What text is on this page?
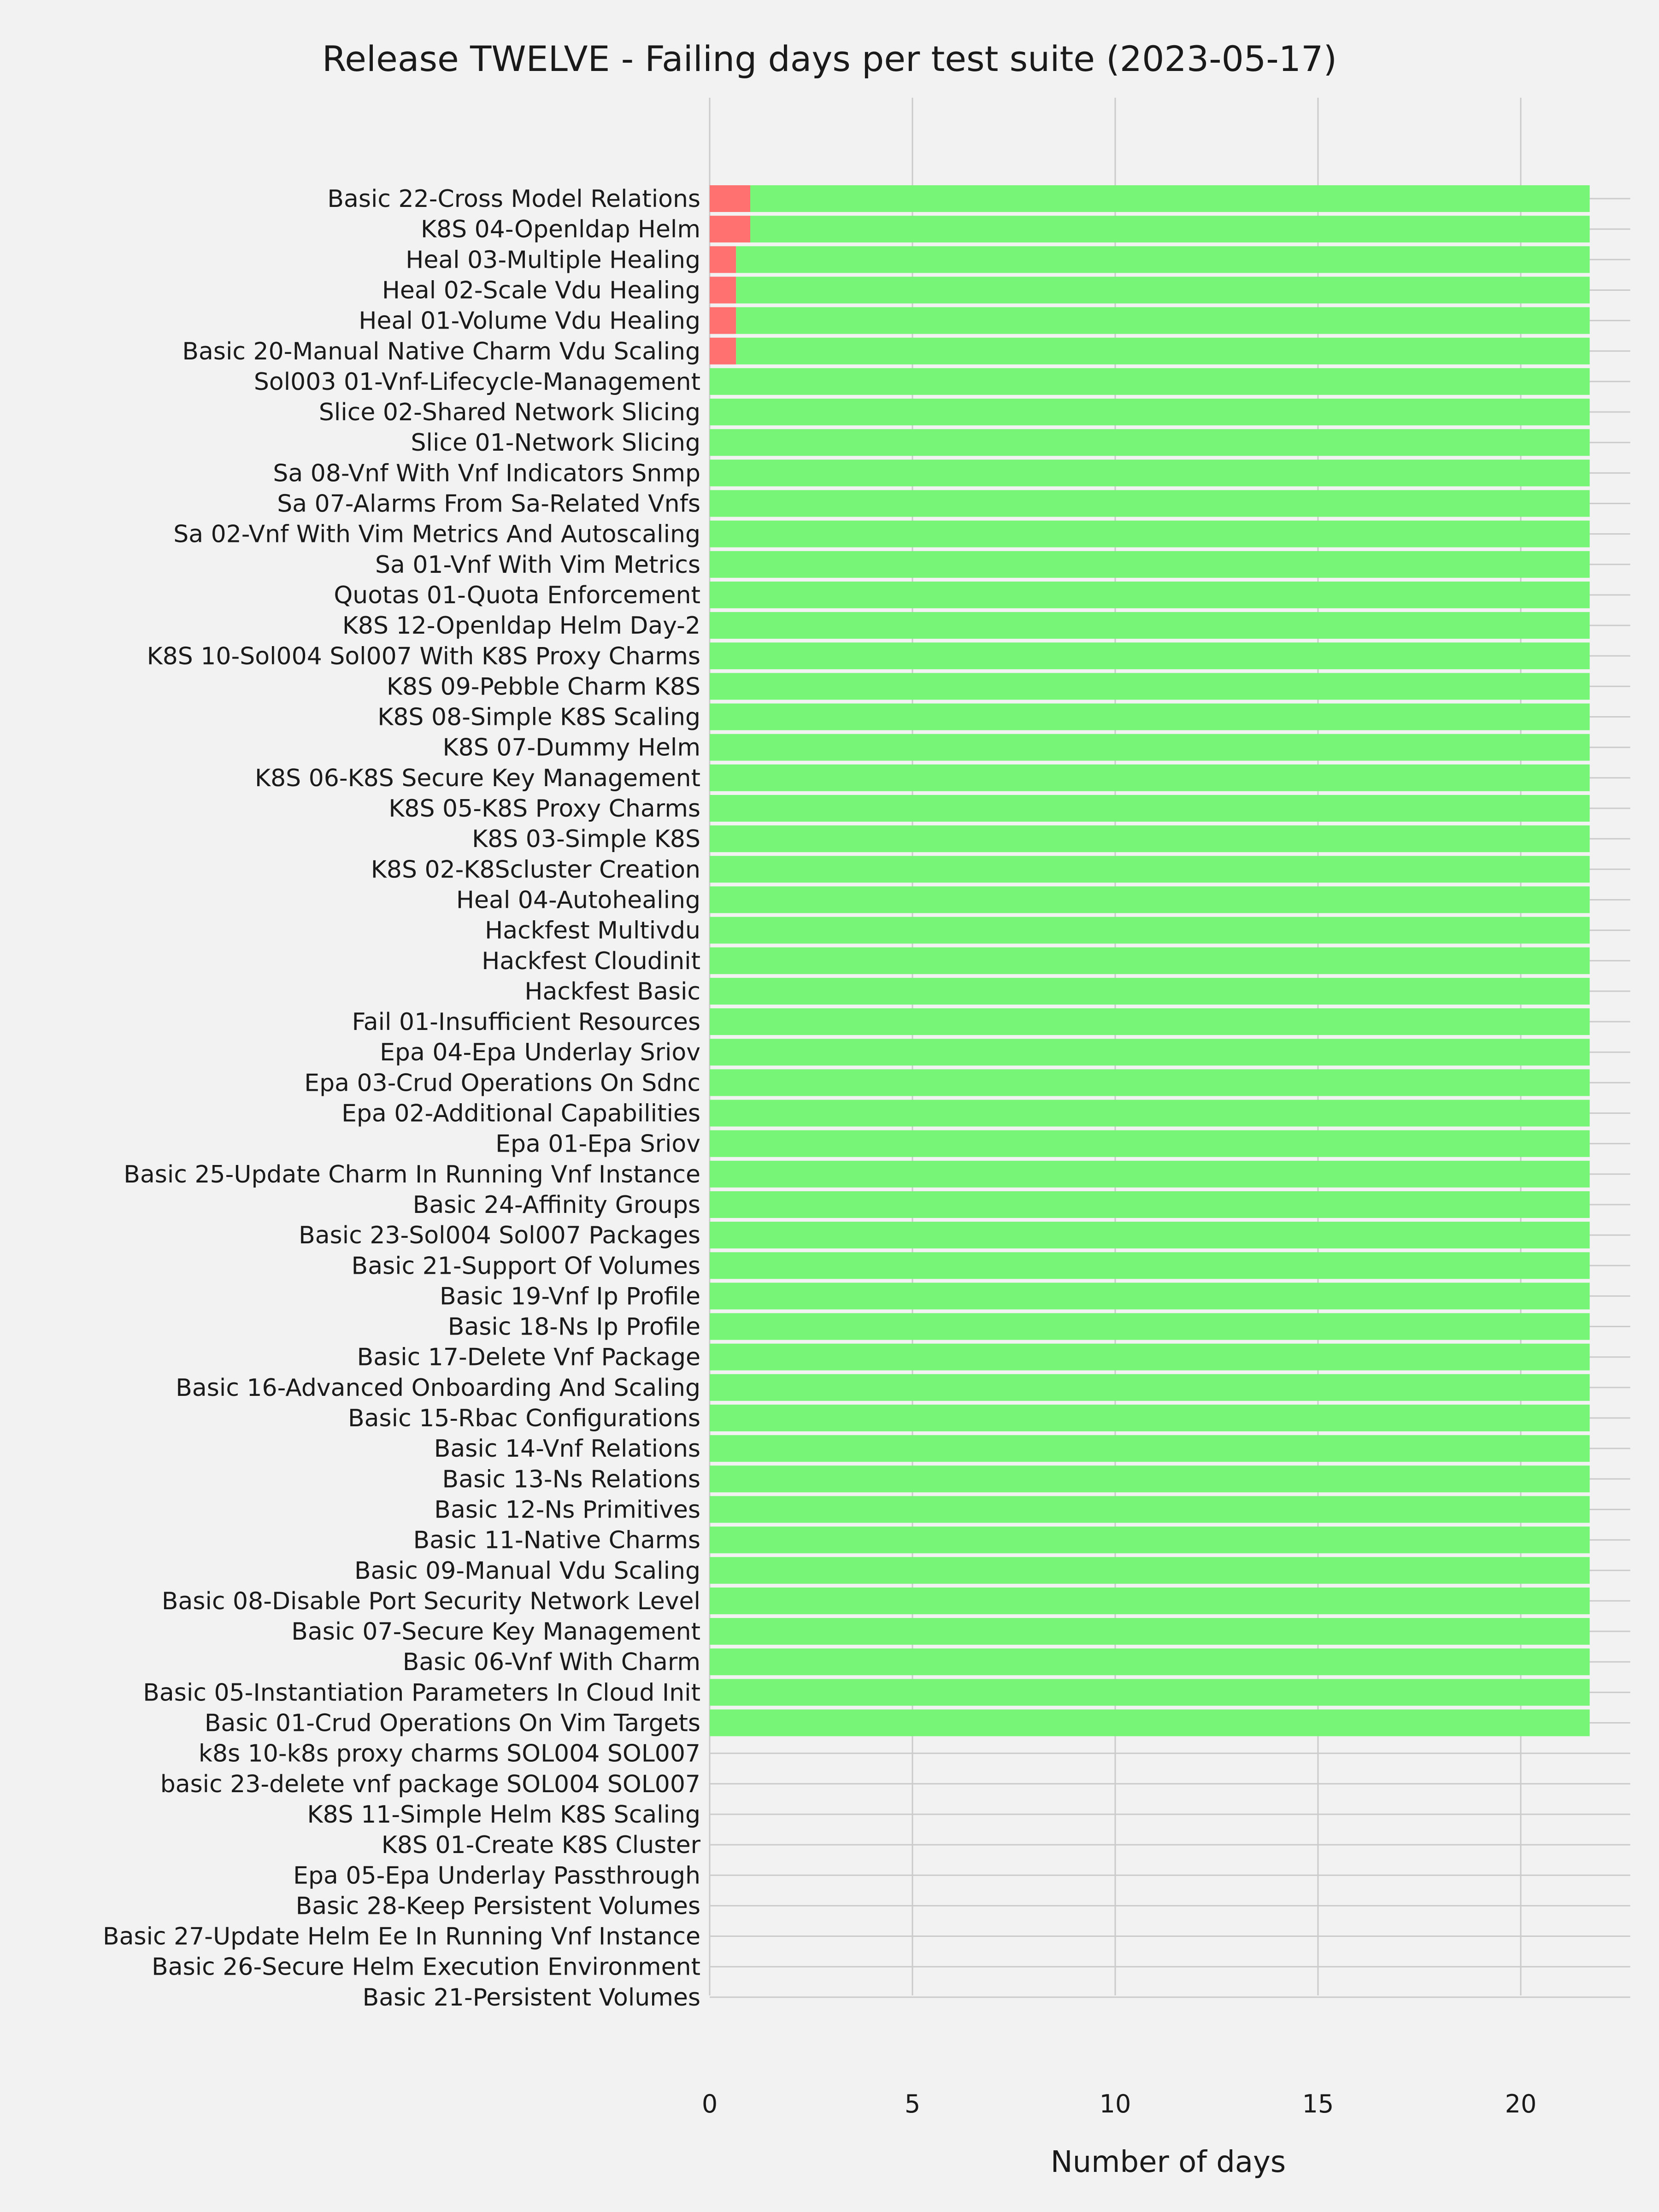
Release TWELVE - Failing days per test suite (2023-05-17)
Basic 22-Cross Model Relations
K8S 04-Openldap Helm
Heal 03-Multiple Healing
Heal 02-Scale Vdu Healing
Heal 01-Volume Vdu Healing
Basic 20-Manual Native Charm Vdu Scaling
Sol003 01-Vnf-Lifecycle-Management
Slice 02-Shared Network Slicing
Slice 01-Network Slicing
Sa 08-Vnf With Vnf Indicators Snmp
Sa 07-Alarms From Sa-Related Vnfs
Sa 02-Vnf With Vim Metrics And Autoscaling
Sa 01-Vnf With Vim Metrics
Quotas 01-Quota Enforcement
K8S 12-Openldap Helm Day-2
K8S 10-Sol004 Sol007 With K8S Proxy Charms
K8S 09-Pebble Charm K8S
K8S 08-Simple K8S Scaling
K8S 07-Dummy Helm
K8S 06-K8S Secure Key Management
K8S 05-K8S Proxy Charms
K8S 03-Simple K8S
K8S 02-K8Scluster Creation
Heal 04-Autohealing
Hackfest Multivdu
Hackfest Cloudinit
Hackfest Basic
Fail 01-Insufficient Resources
Epa 04-Epa Underlay Sriov
Epa 03-Crud Operations On Sdnc
Epa 02-Additional Capabilities
Epa 01-Epa Sriov
Basic 25-Update Charm In Running Vnf Instance
Basic 24-Affinity Groups
Basic 23-Sol004 Sol007 Packages
Basic 21-Support Of Volumes
Basic 19-Vnf Ip Profile
Basic 18-Ns Ip Profile
Basic 17-Delete Vnf Package
Basic 16-Advanced Onboarding And Scaling
Basic 15-Rbac Configurations
Basic 14-Vnf Relations
Basic 13-Ns Relations
Basic 12-Ns Primitives
Basic 11-Native Charms
Basic 09-Manual Vdu Scaling
Basic 08-Disable Port Security Network Level
Basic 07-Secure Key Management
Basic 06-Vnf With Charm
Basic 05-Instantiation Parameters In Cloud Init
Basic 01-Crud Operations On Vim Targets
k8s 10-k8s proxy charms SOL004 SOL007
basic 23-delete vnf package SOL004 SOL007
K8S 11-Simple Helm K8S Scaling
K8S 01-Create K8S Cluster
Epa 05-Epa Underlay Passthrough
Basic 28-Keep Persistent Volumes
Basic 27-Update Helm Ee In Running Vnf Instance
Basic 26-Secure Helm Execution Environment
Basic 21-Persistent Volumes
0	5	10	15	20
Number of days
